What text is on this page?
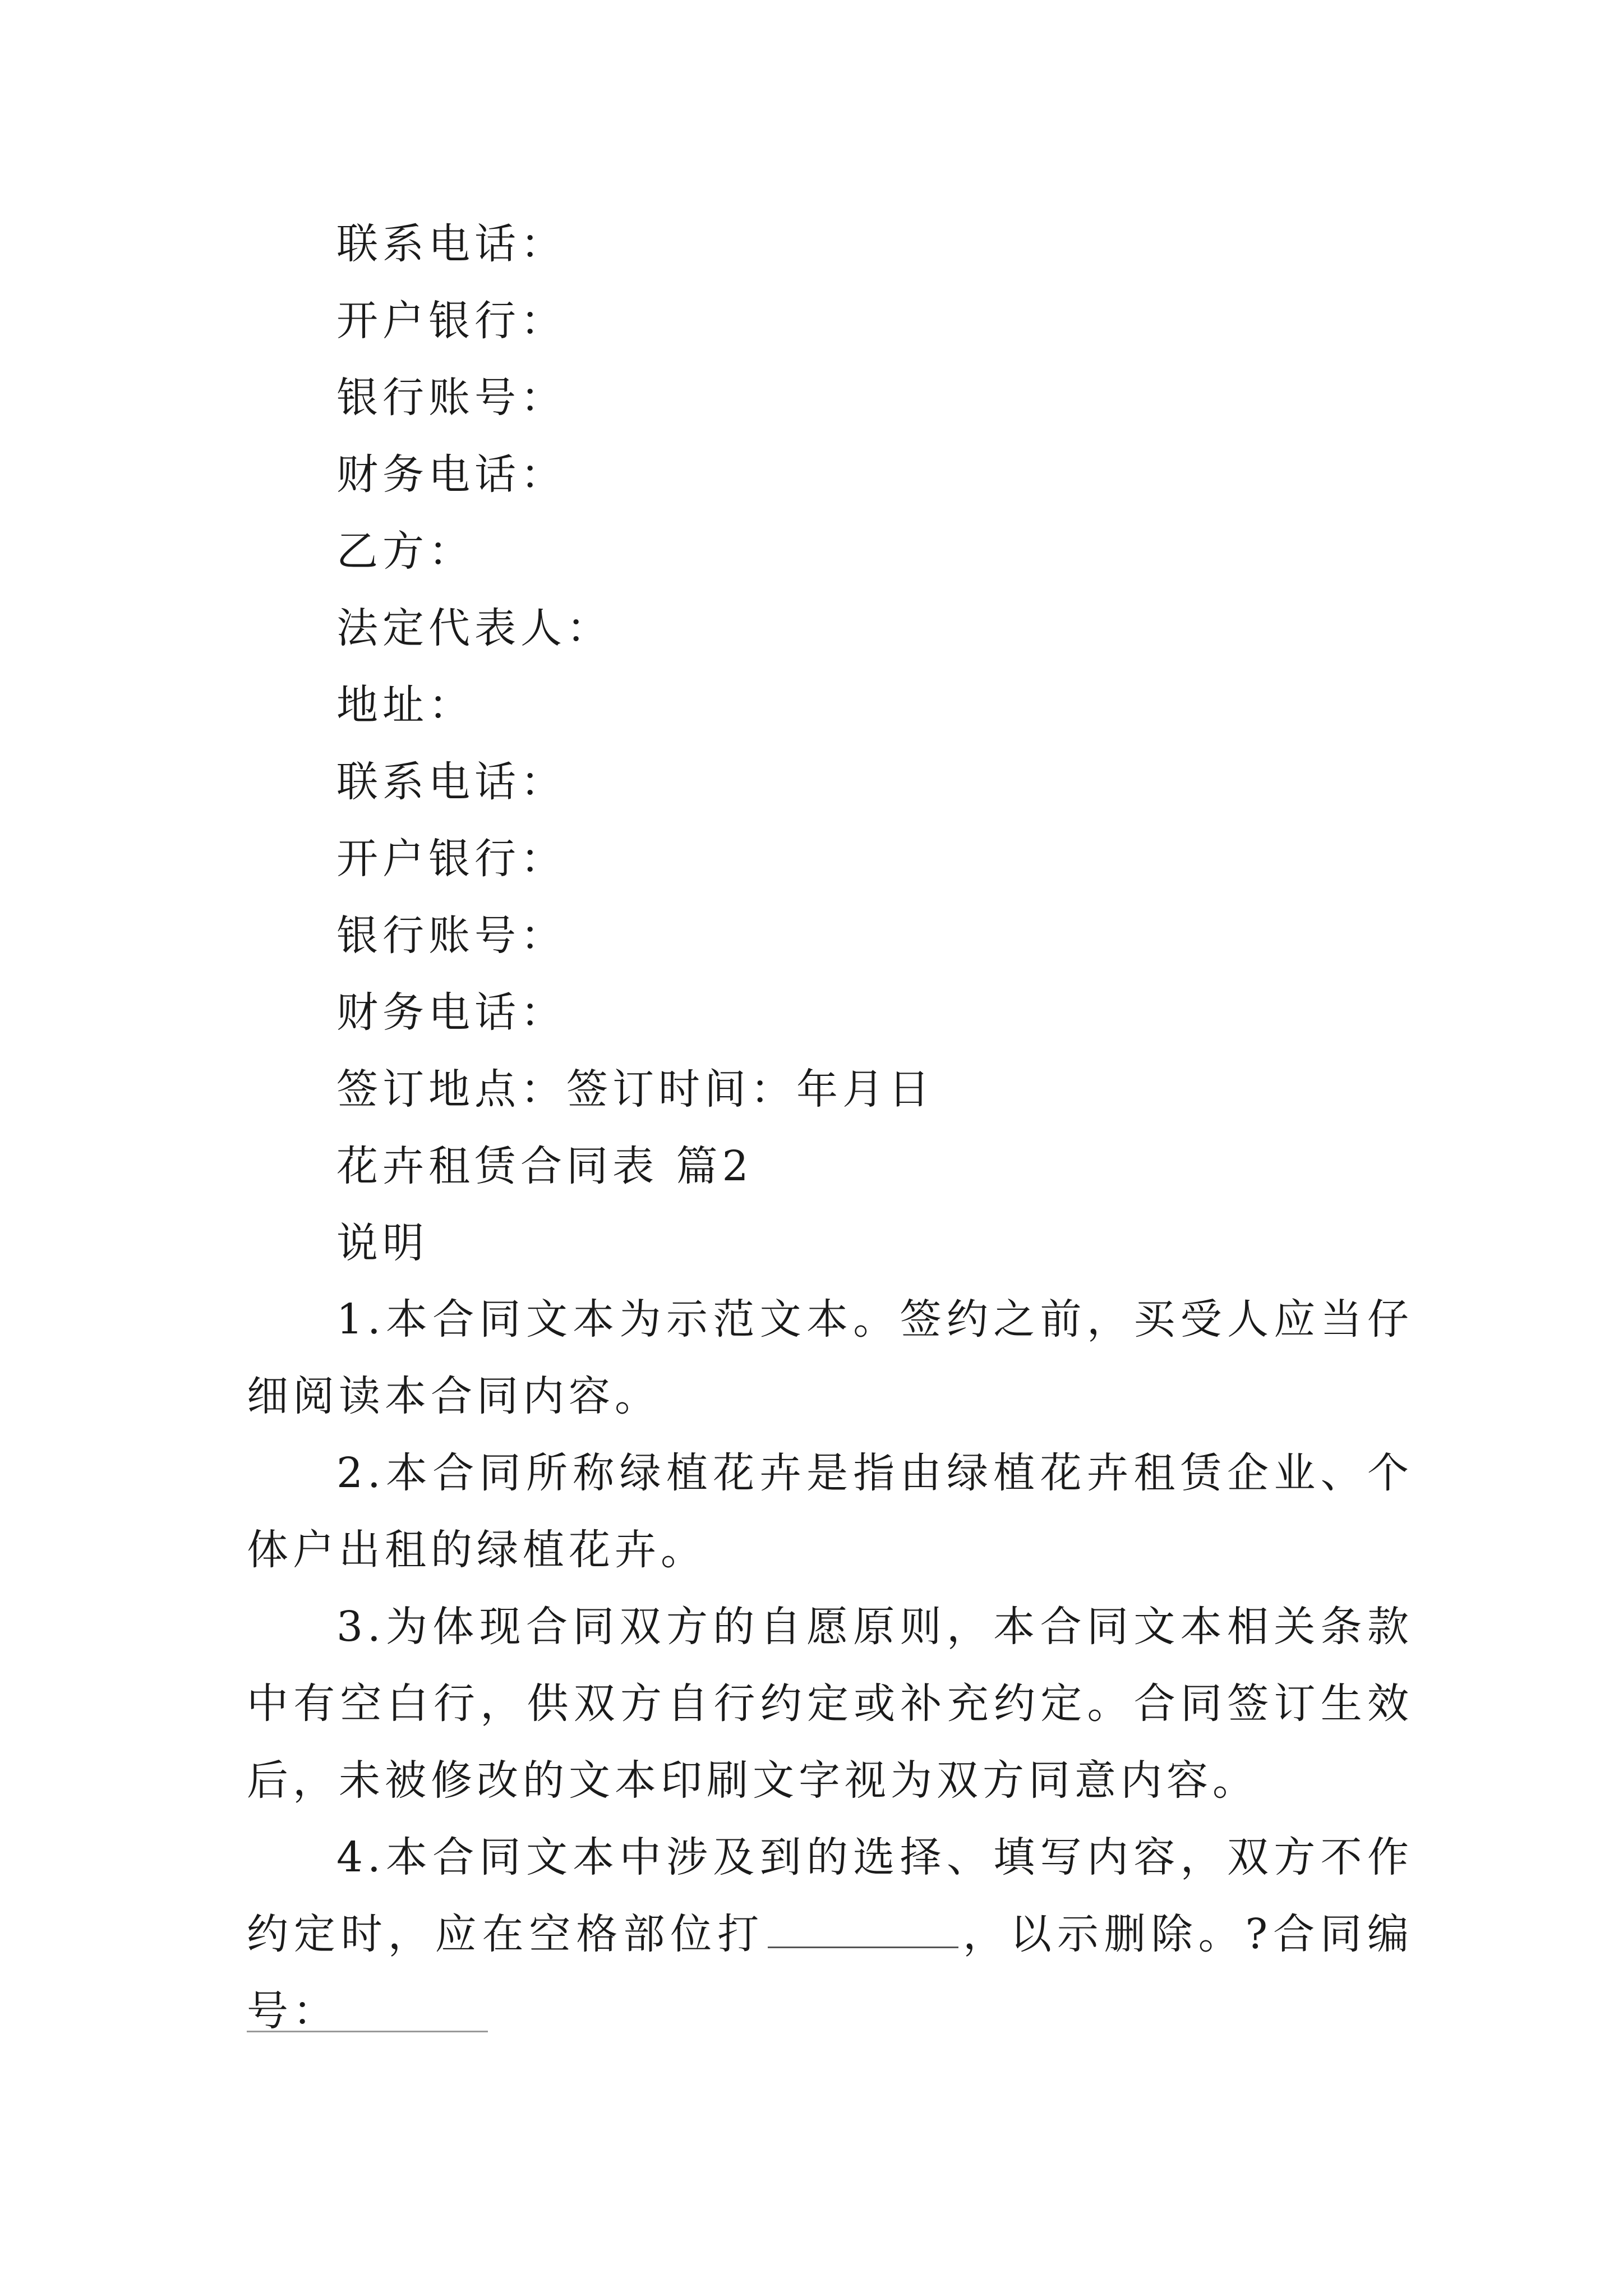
联系电话：
开户银行：
银行账号：
财务电话：
乙方：
法定代表人：
地址：
联系电话：
开户银行：
银行账号：
财务电话：
签订地点：签订时间：年月日
花卉租赁合同表 篇2
说明
1.本合同文本为示范文本。签约之前，买受人应当仔细阅读本合同内容。
2.本合同所称绿植花卉是指由绿植花卉租赁企业、个体户出租的绿植花卉。
3.为体现合同双方的自愿原则，本合同文本相关条款中有空白行，供双方自行约定或补充约定。合同签订生效后，未被修改的文本印刷文字视为双方同意内容。
4.本合同文本中涉及到的选择、填写内容，双方不作约定时，应在空格部位打	，以示删除。?合同编号：
